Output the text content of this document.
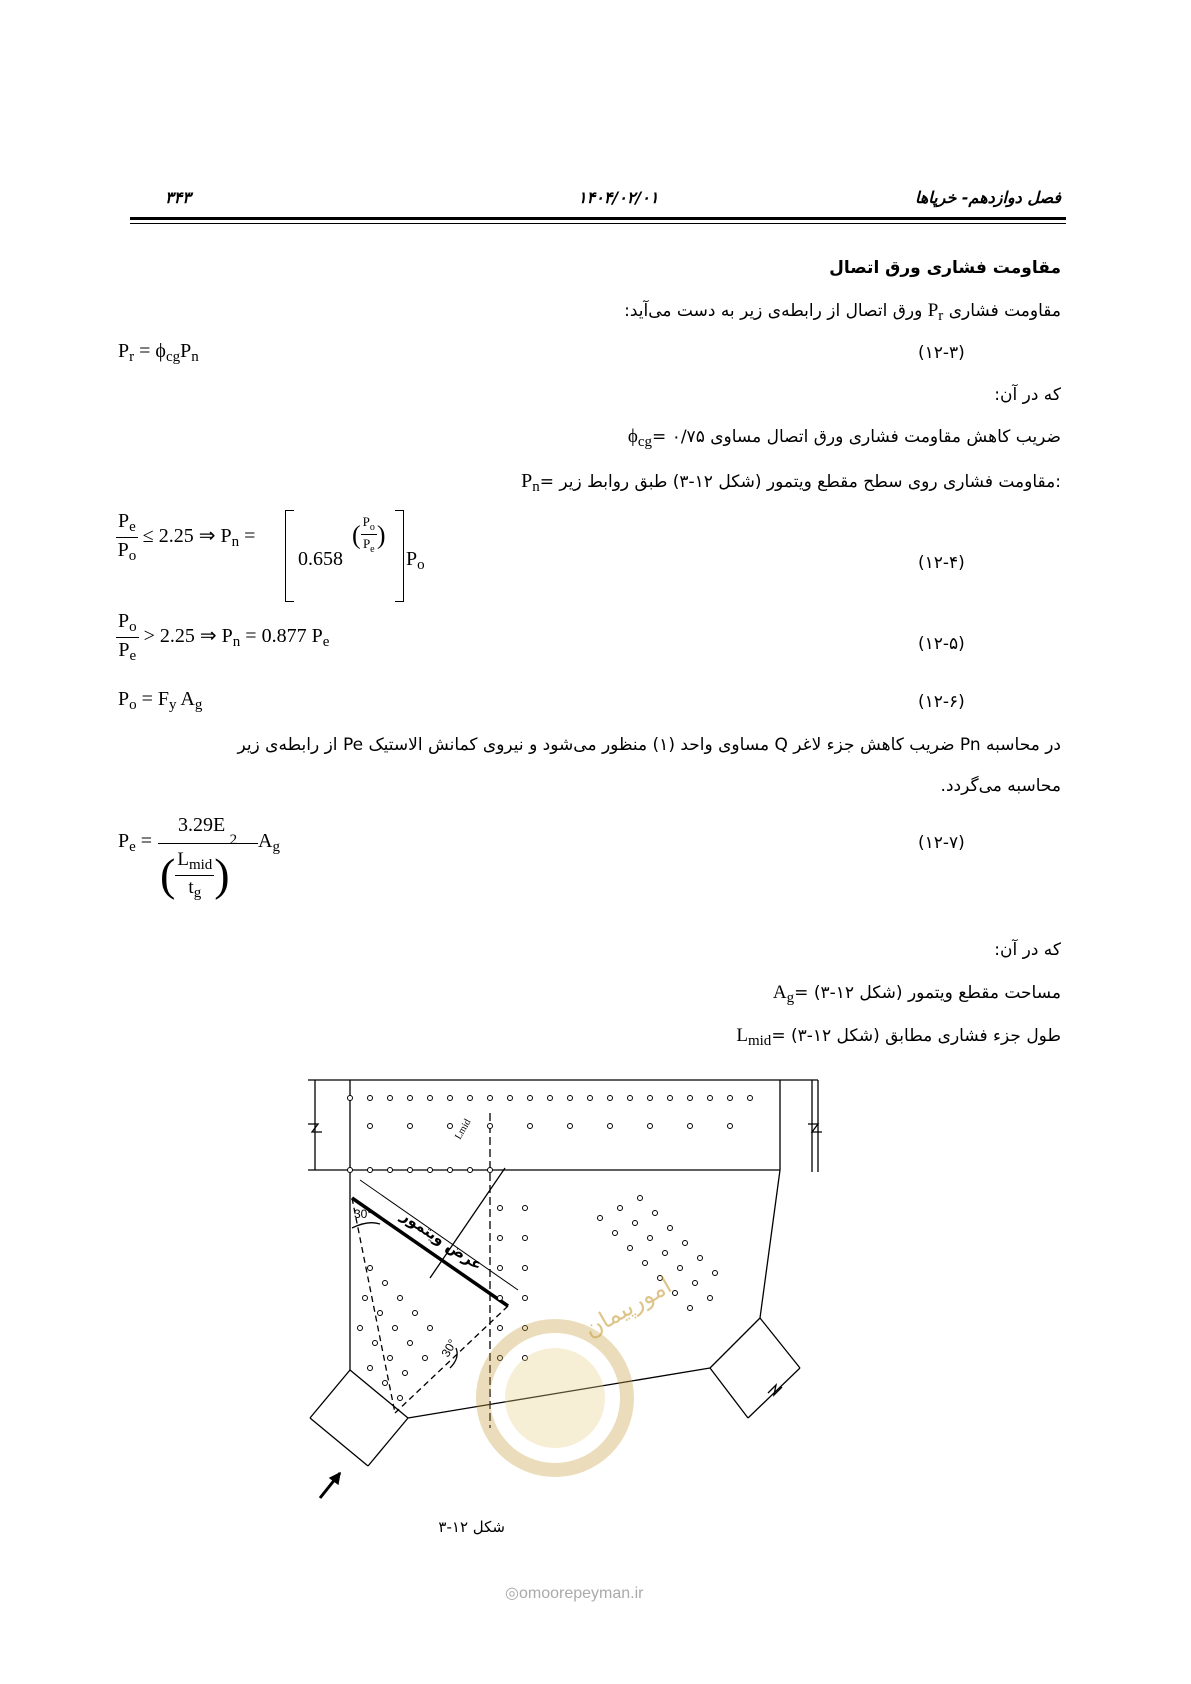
۳۴۳	۱۴۰۴/۰۲/۰۱	فصل دوازدهم- خرپاها
مقاومت فشاری ورق اتصال
مقاومت فشاری $P_r$ ورق اتصال از رابطه‌ی زیر به دست می‌آید:
$P_r = \phi_{cg}P_n$	(۱۲-۳)
که در آن:
$\phi_{cg}=$ ضریب کاهش مقاومت فشاری ورق اتصال مساوی ۰/۷۵
$P_n=$ مقاومت فشاری روی سطح مقطع ویتمور (شکل ۱۲-۳) طبق روابط زیر:
$\frac{P_e}{P_o} \le 2.25$ ⇒ $P_n$ =
0.658
( $\frac{P_o}{P_e}$ )
$P_o$	(۱۲-۴)
$\frac{P_o}{P_e} > 2.25$ ⇒ $P_n = 0.877$ $P_e$	(۱۲-۵)
$P_o = F_y$ $A_g$	(۱۲-۶)
در محاسبه Pn ضریب کاهش جزء لاغر Q مساوی واحد (۱) منظور می‌شود و نیروی کمانش الاستیک Pe از رابطه‌ی زیر
محاسبه می‌گردد.
$P_e$ =
3.29E
( $\frac{L_{mid}}{t_g} )^2$ $A_g$	(۱۲-۷)
که در آن:
$A_g=$ مساحت مقطع ویتمور (شکل ۱۲-۳)
$L_{mid}=$ طول جزء فشاری مطابق (شکل ۱۲-۳)
امورپیمان
عرض ویتمور
Lmid
30°
30°
شکل ۱۲-۳
◎omoorepeyman.ir
